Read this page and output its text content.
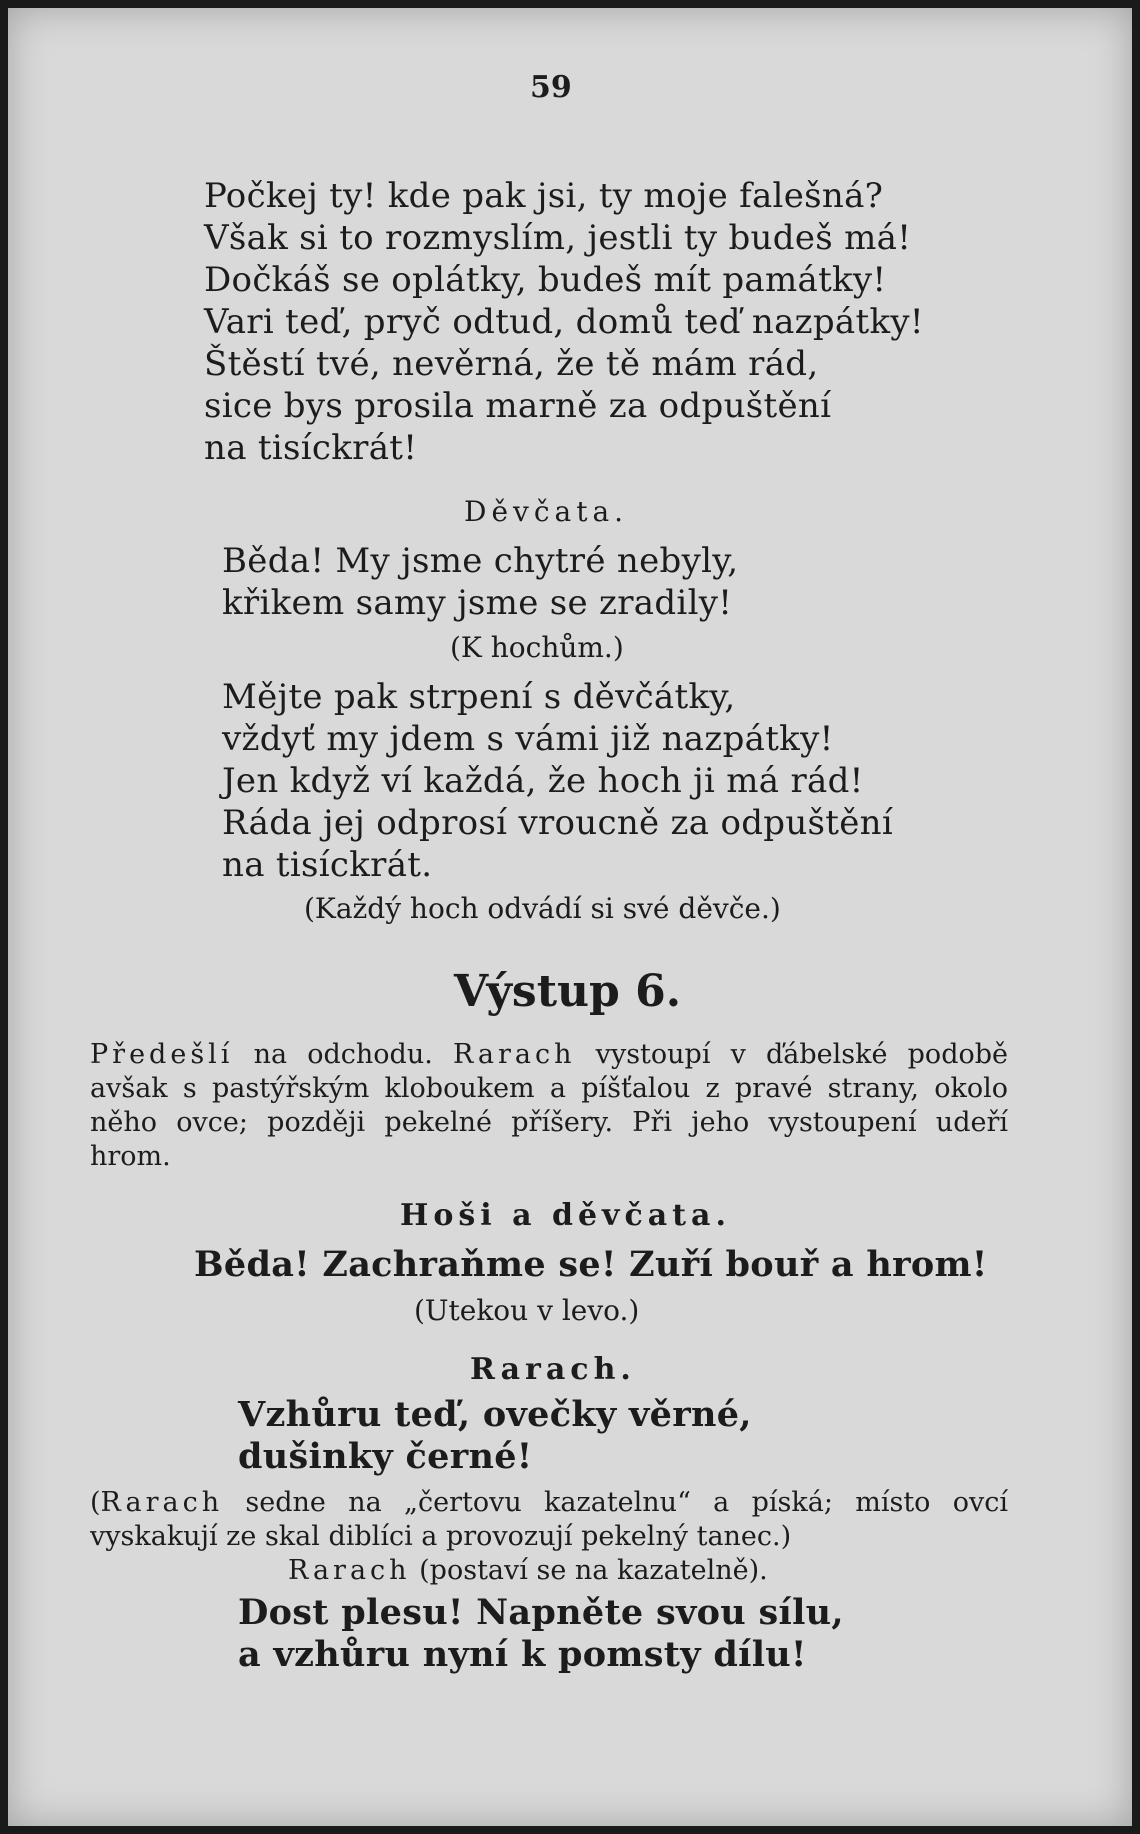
59
Počkej ty! kde pak jsi, ty moje falešná?
Však si to rozmyslím, jestli ty budeš má!
Dočkáš se oplátky, budeš mít památky!
Vari teď, pryč odtud, domů teď nazpátky!
Štěstí tvé, nevěrná, že tě mám rád,
sice bys prosila marně za odpuštění
na tisíckrát!
Děvčata.
Běda! My jsme chytré nebyly,
křikem samy jsme se zradily!
(K hochům.)
Mějte pak strpení s děvčátky,
vždyť my jdem s vámi již nazpátky!
Jen když ví každá, že hoch ji má rád!
Ráda jej odprosí vroucně za odpuštění
na tisíckrát.
(Každý hoch odvádí si své děvče.)
Výstup 6.
Předešlí na odchodu. Rarach vystoupí v ďábelské podobě avšak s pastýřským kloboukem a píšťalou z pravé strany, okolo něho ovce; později pekelné příšery. Při jeho vystoupení udeří hrom.
Hoši a děvčata.
Běda! Zachraňme se! Zuří bouř a hrom!
(Utekou v levo.)
Rarach.
Vzhůru teď, ovečky věrné,
dušinky černé!
(Rarach sedne na „čertovu kazatelnu“ a píská; místo ovcí vyskakují ze skal diblíci a provozují pekelný tanec.)
Rarach (postaví se na kazatelně).
Dost plesu! Napněte svou sílu,
a vzhůru nyní k pomsty dílu!
